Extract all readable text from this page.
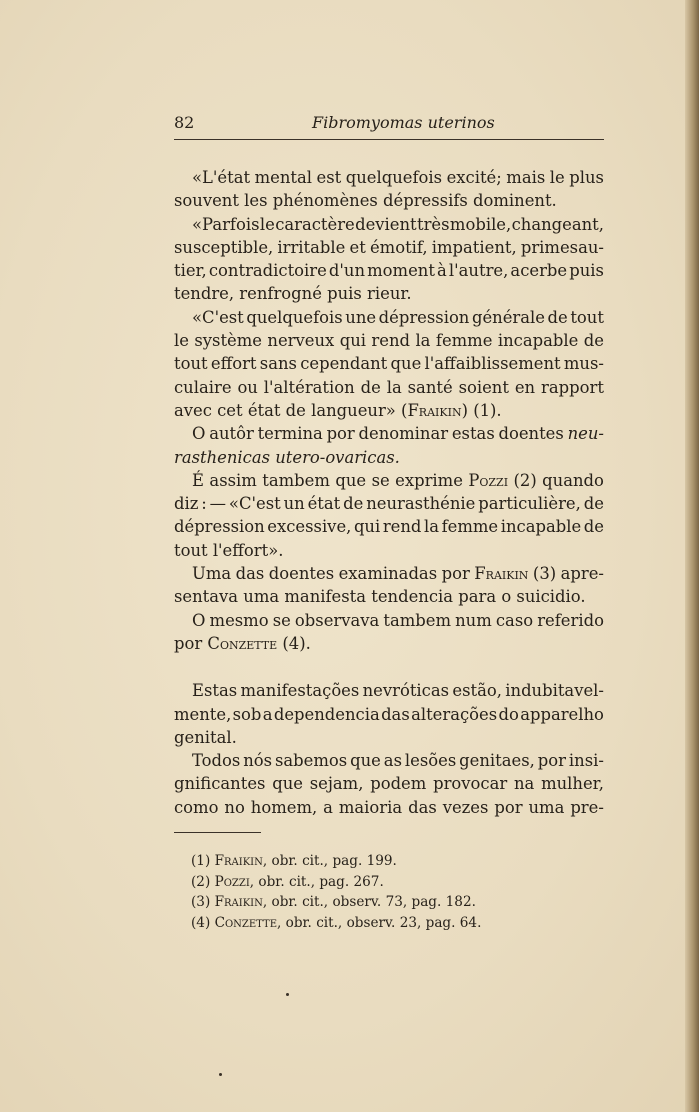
82	Fibromyomas uterinos
«L'état mental est quelquefois excité; mais le plus
souvent les phénomènes dépressifs dominent.
«Parfois le caractère devient très mobile, changeant,
susceptible, irritable et émotif, impatient, primesau-
tier, contradictoire d'un moment à l'autre, acerbe puis
tendre, renfrogné puis rieur.
«C'est quelquefois une dépression générale de tout
le système nerveux qui rend la femme incapable de
tout effort sans cependant que l'affaiblissement mus-
culaire ou l'altération de la santé soient en rapport
avec cet état de langueur» (Fraikin) (1).
O autôr termina por denominar estas doentes neu-
rasthenicas utero-ovaricas.
É assim tambem que se exprime Pozzi (2) quando
diz : — «C'est un état de neurasthénie particulière, de
dépression excessive, qui rend la femme incapable de
tout l'effort».
Uma das doentes examinadas por Fraikin (3) apre-
sentava uma manifesta tendencia para o suicidio.
O mesmo se observava tambem num caso referido
por Conzette (4).
Estas manifestações nevróticas estão, indubitavel-
mente, sob a dependencia das alterações do apparelho
genital.
Todos nós sabemos que as lesões genitaes, por insi-
gnificantes que sejam, podem provocar na mulher,
como no homem, a maioria das vezes por uma pre-
(1) Fraikin, obr. cit., pag. 199.
(2) Pozzi, obr. cit., pag. 267.
(3) Fraikin, obr. cit., observ. 73, pag. 182.
(4) Conzette, obr. cit., observ. 23, pag. 64.
